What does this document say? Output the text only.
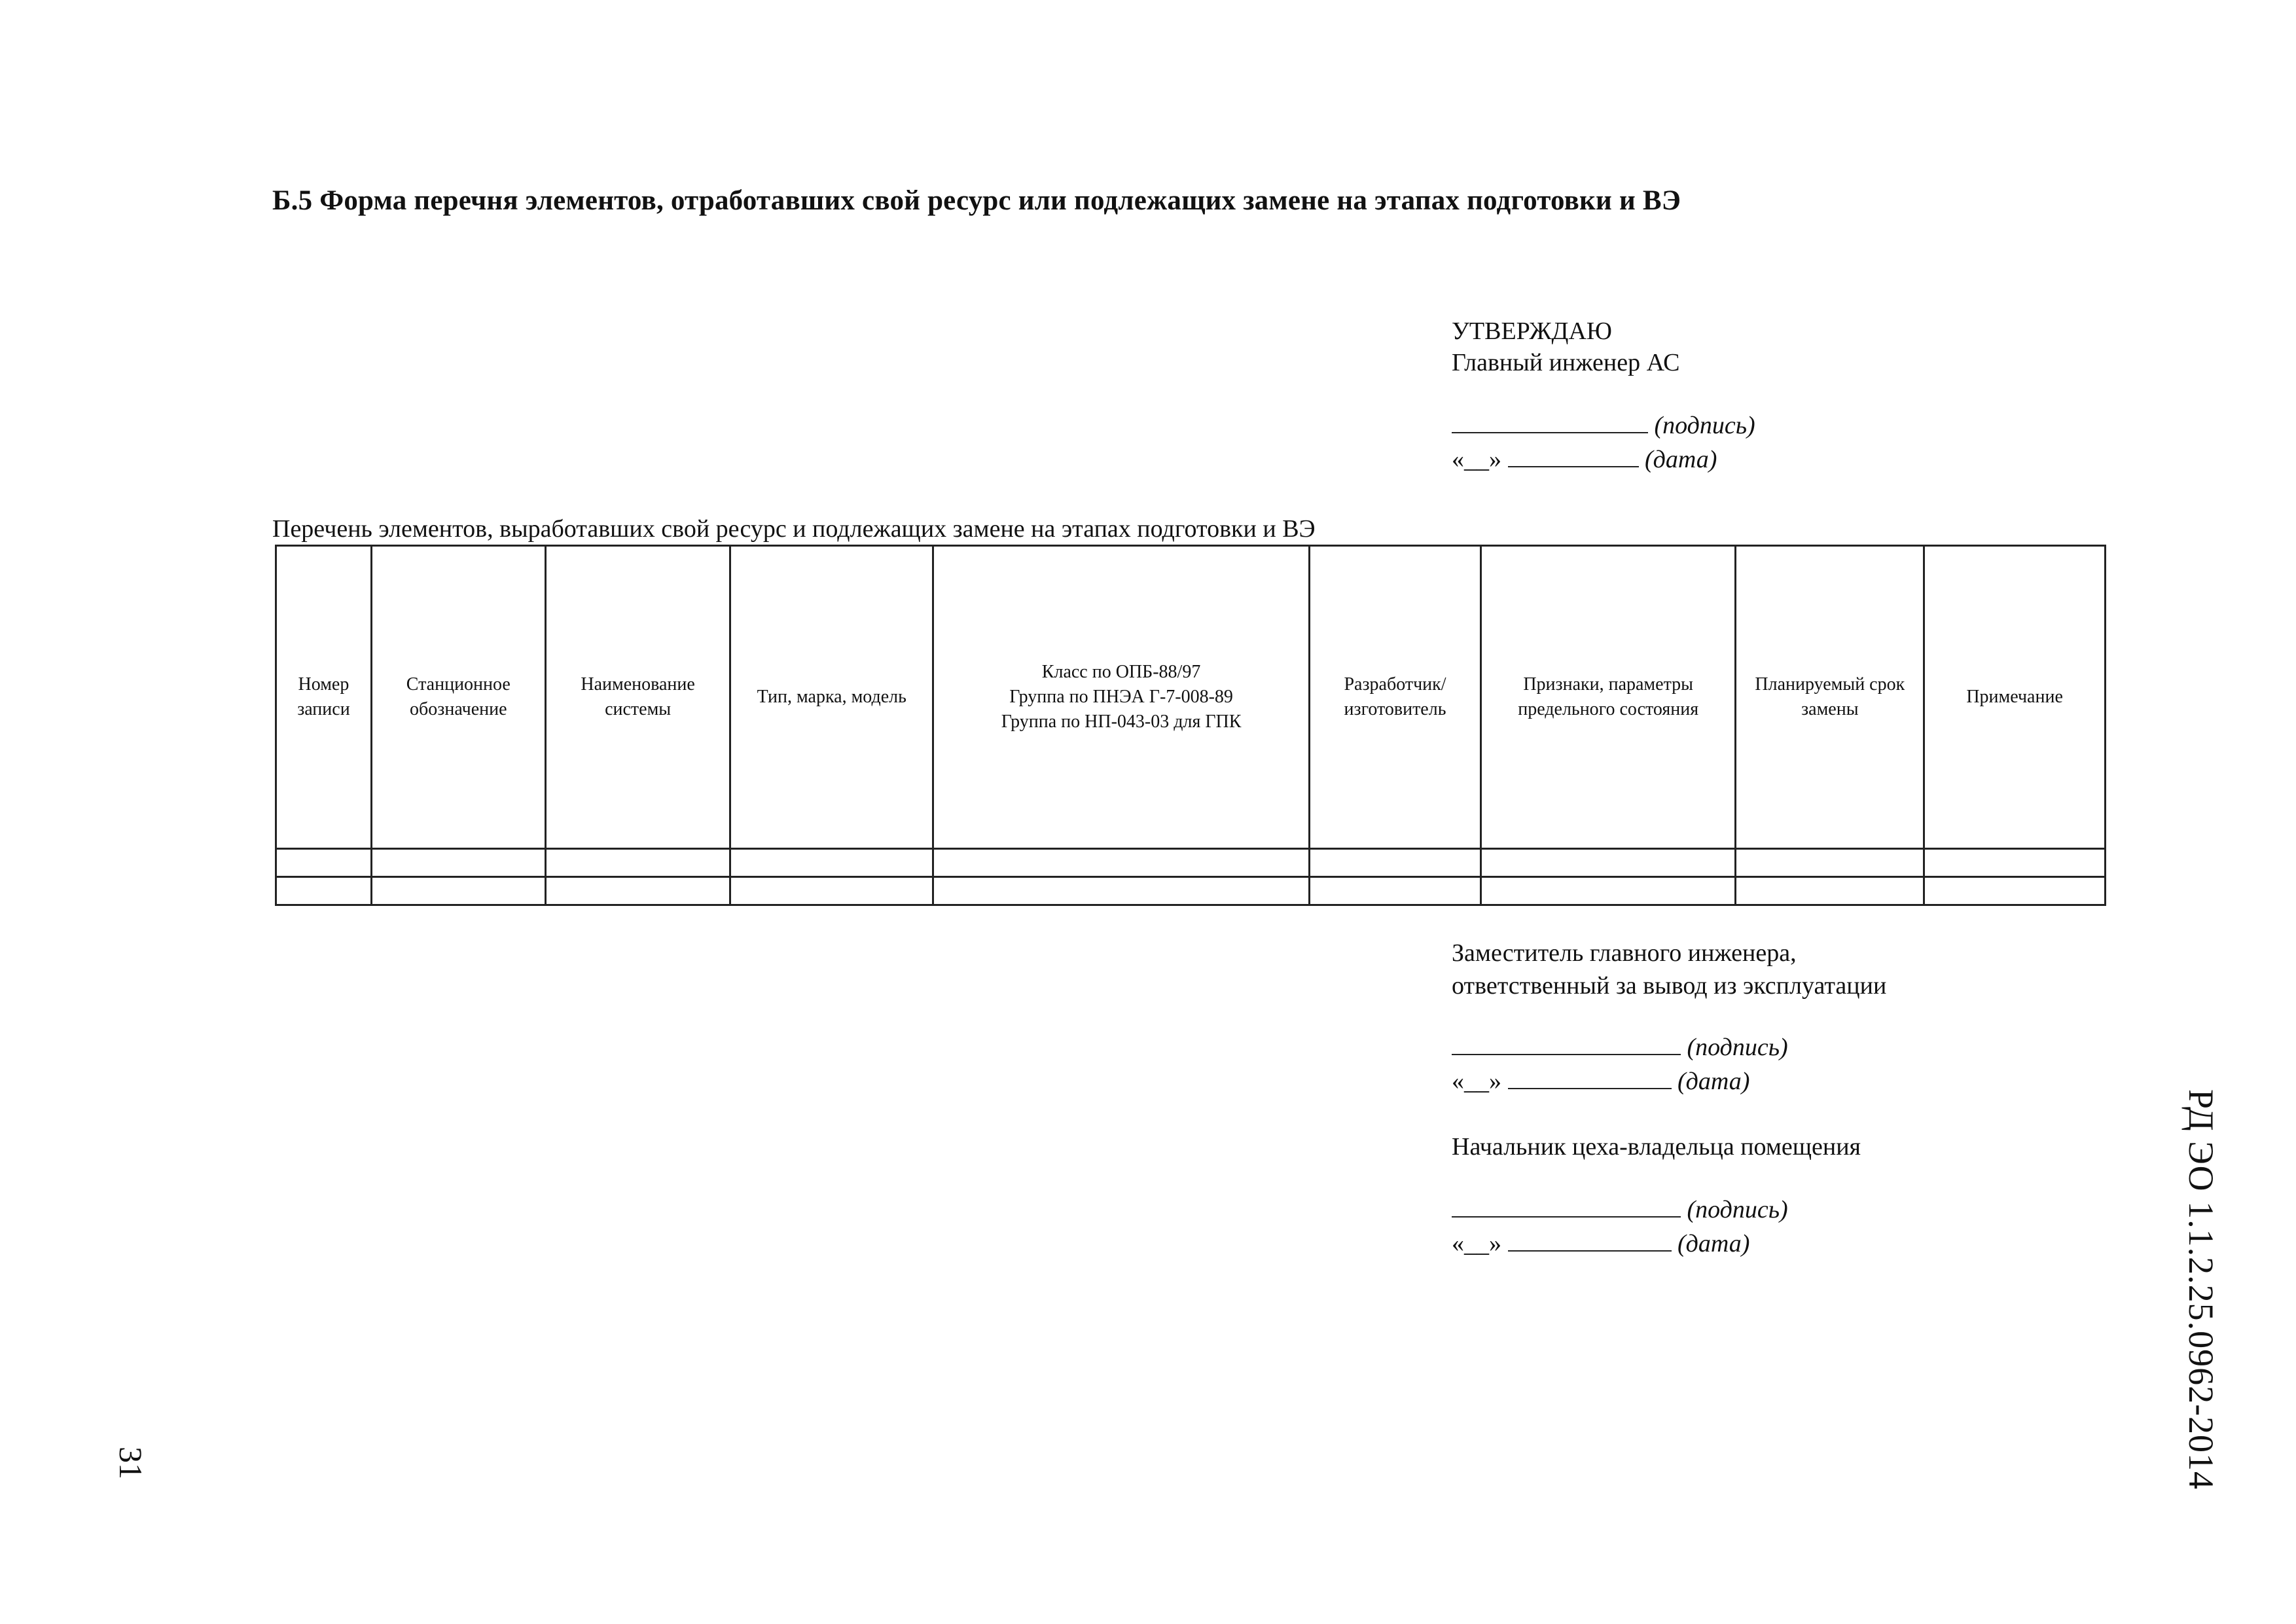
Б.5 Форма перечня элементов, отработавших свой ресурс или подлежащих замене на этапах подготовки и ВЭ
УТВЕРЖДАЮ
Главный инженер АС
(подпись)
«__»	(дата)
Перечень элементов, выработавших свой ресурс и подлежащих замене на этапах подготовки и ВЭ
Номер записи	Станционное обозначение	Наименование системы	Тип, марка, модель	Класс по ОПБ-88/97
Группа по ПНЭА Г-7-008-89
Группа по НП-043-03 для ГПК	Разработчик/ изготовитель	Признаки, параметры предельного состояния	Планируемый срок замены	Примечание

Заместитель главного инженера,
ответственный за вывод из эксплуатации
(подпись)
«__»	(дата)
Начальник цеха-владельца помещения
(подпись)
«__»	(дата)	РД ЭО 1.1.2.25.0962-2014
31
